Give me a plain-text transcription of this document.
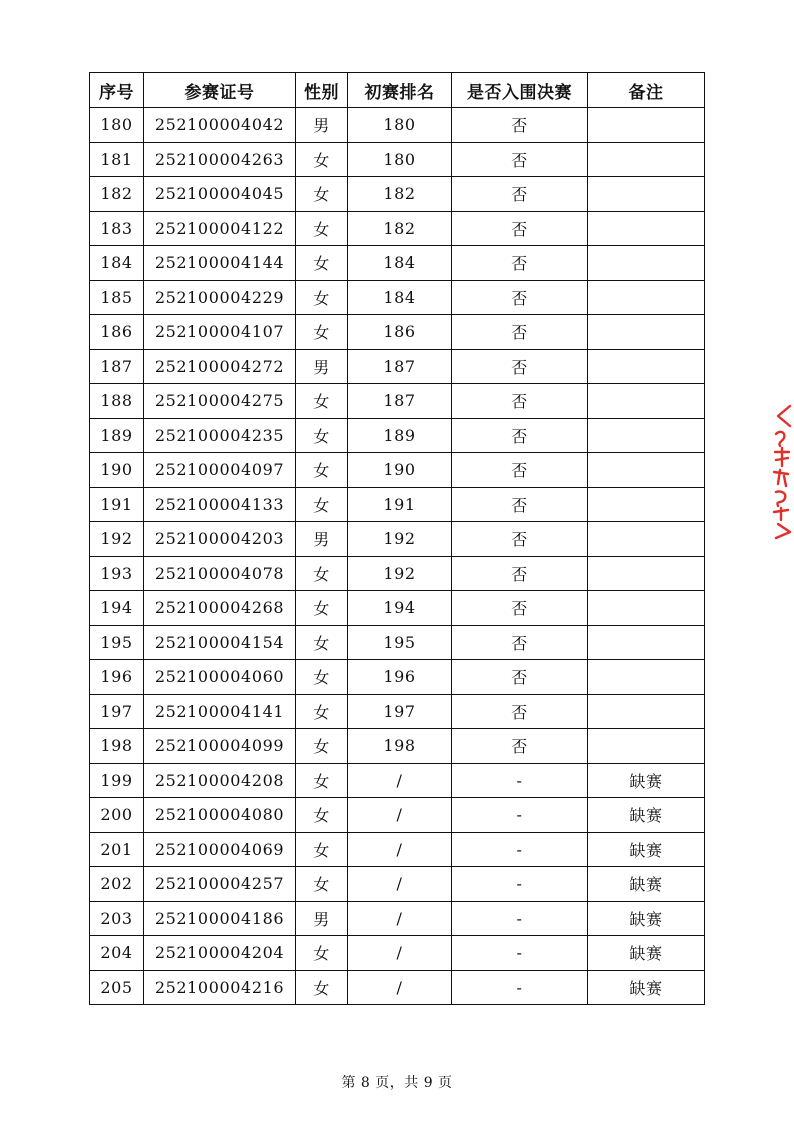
序号	参赛证号	性别	初赛排名	是否入围决赛	备注
180	252100004042	男	180	否	
181	252100004263	女	180	否	
182	252100004045	女	182	否	
183	252100004122	女	182	否	
184	252100004144	女	184	否	
185	252100004229	女	184	否	
186	252100004107	女	186	否	
187	252100004272	男	187	否	
188	252100004275	女	187	否	
189	252100004235	女	189	否	
190	252100004097	女	190	否	
191	252100004133	女	191	否	
192	252100004203	男	192	否	
193	252100004078	女	192	否	
194	252100004268	女	194	否	
195	252100004154	女	195	否	
196	252100004060	女	196	否	
197	252100004141	女	197	否	
198	252100004099	女	198	否	
199	252100004208	女	/	-	缺赛
200	252100004080	女	/	-	缺赛
201	252100004069	女	/	-	缺赛
202	252100004257	女	/	-	缺赛
203	252100004186	男	/	-	缺赛
204	252100004204	女	/	-	缺赛
205	252100004216	女	/	-	缺赛
第 8 页，共 9 页
